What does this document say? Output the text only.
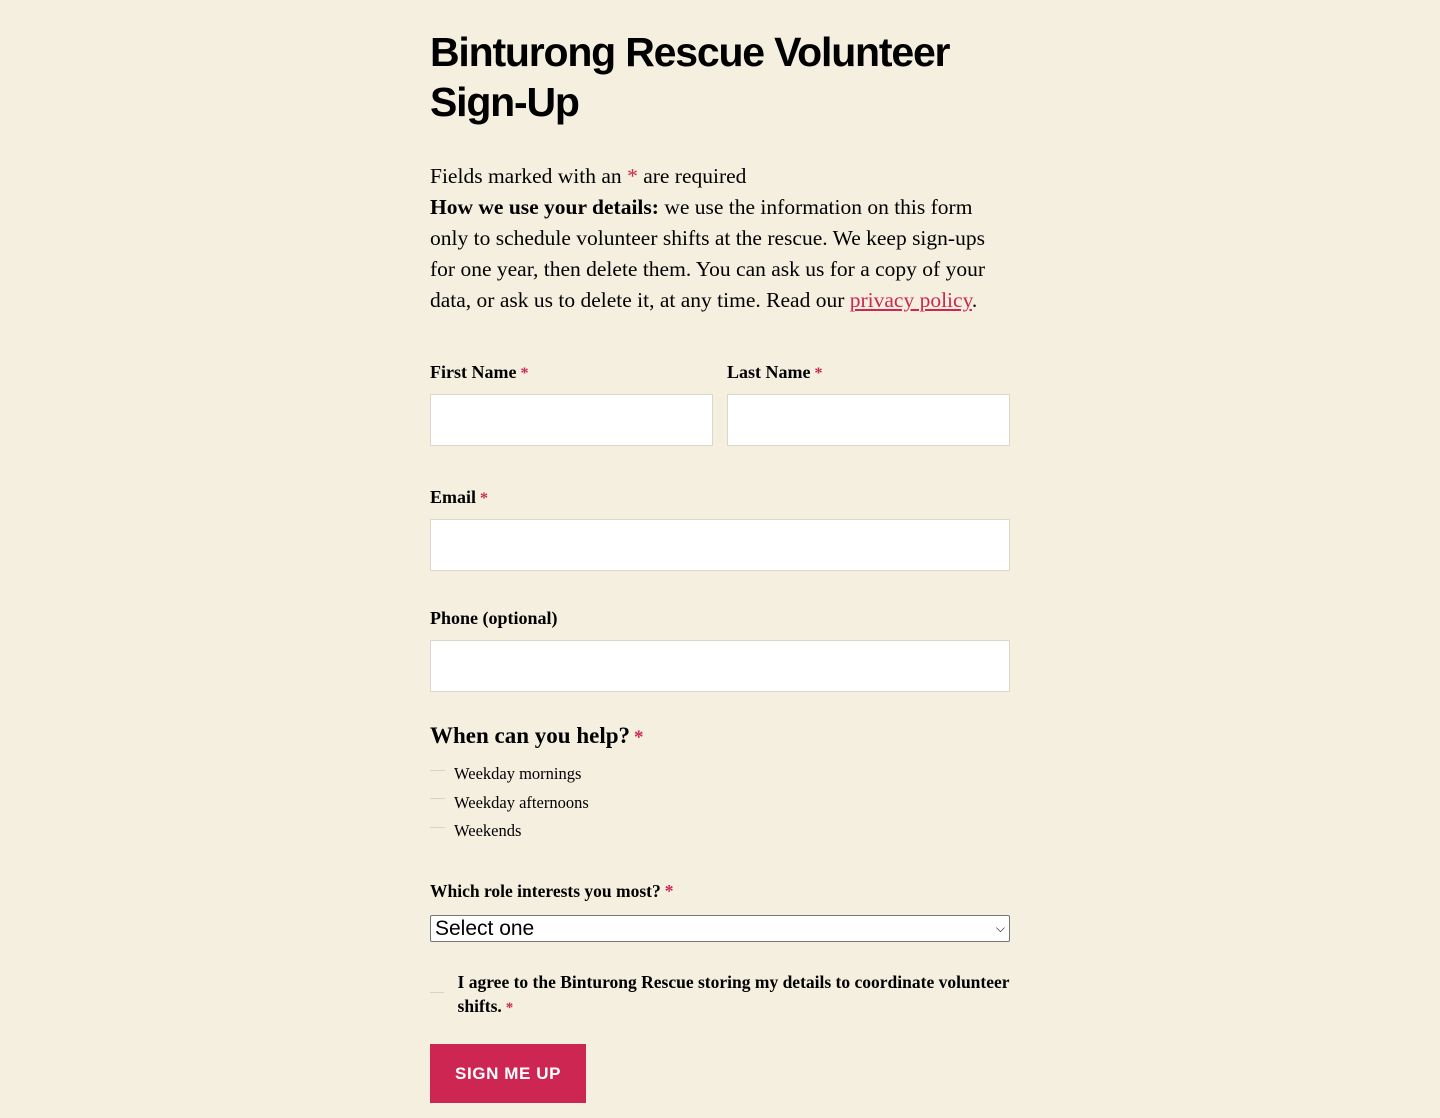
Binturong Rescue Volunteer Sign-Up
Fields marked with an * are required
How we use your details: we use the information on this form only to schedule volunteer shifts at the rescue. We keep sign-ups for one year, then delete them. You can ask us for a copy of your data, or ask us to delete it, at any time. Read our privacy policy.
First Name *	Last Name *
Email *
Phone (optional)
When can you help? *
Weekday mornings
Weekday afternoons
Weekends
Which role interests you most? *
Select one	⌵
I agree to the Binturong Rescue storing my details to coordinate volunteer shifts. *
SIGN ME UP
